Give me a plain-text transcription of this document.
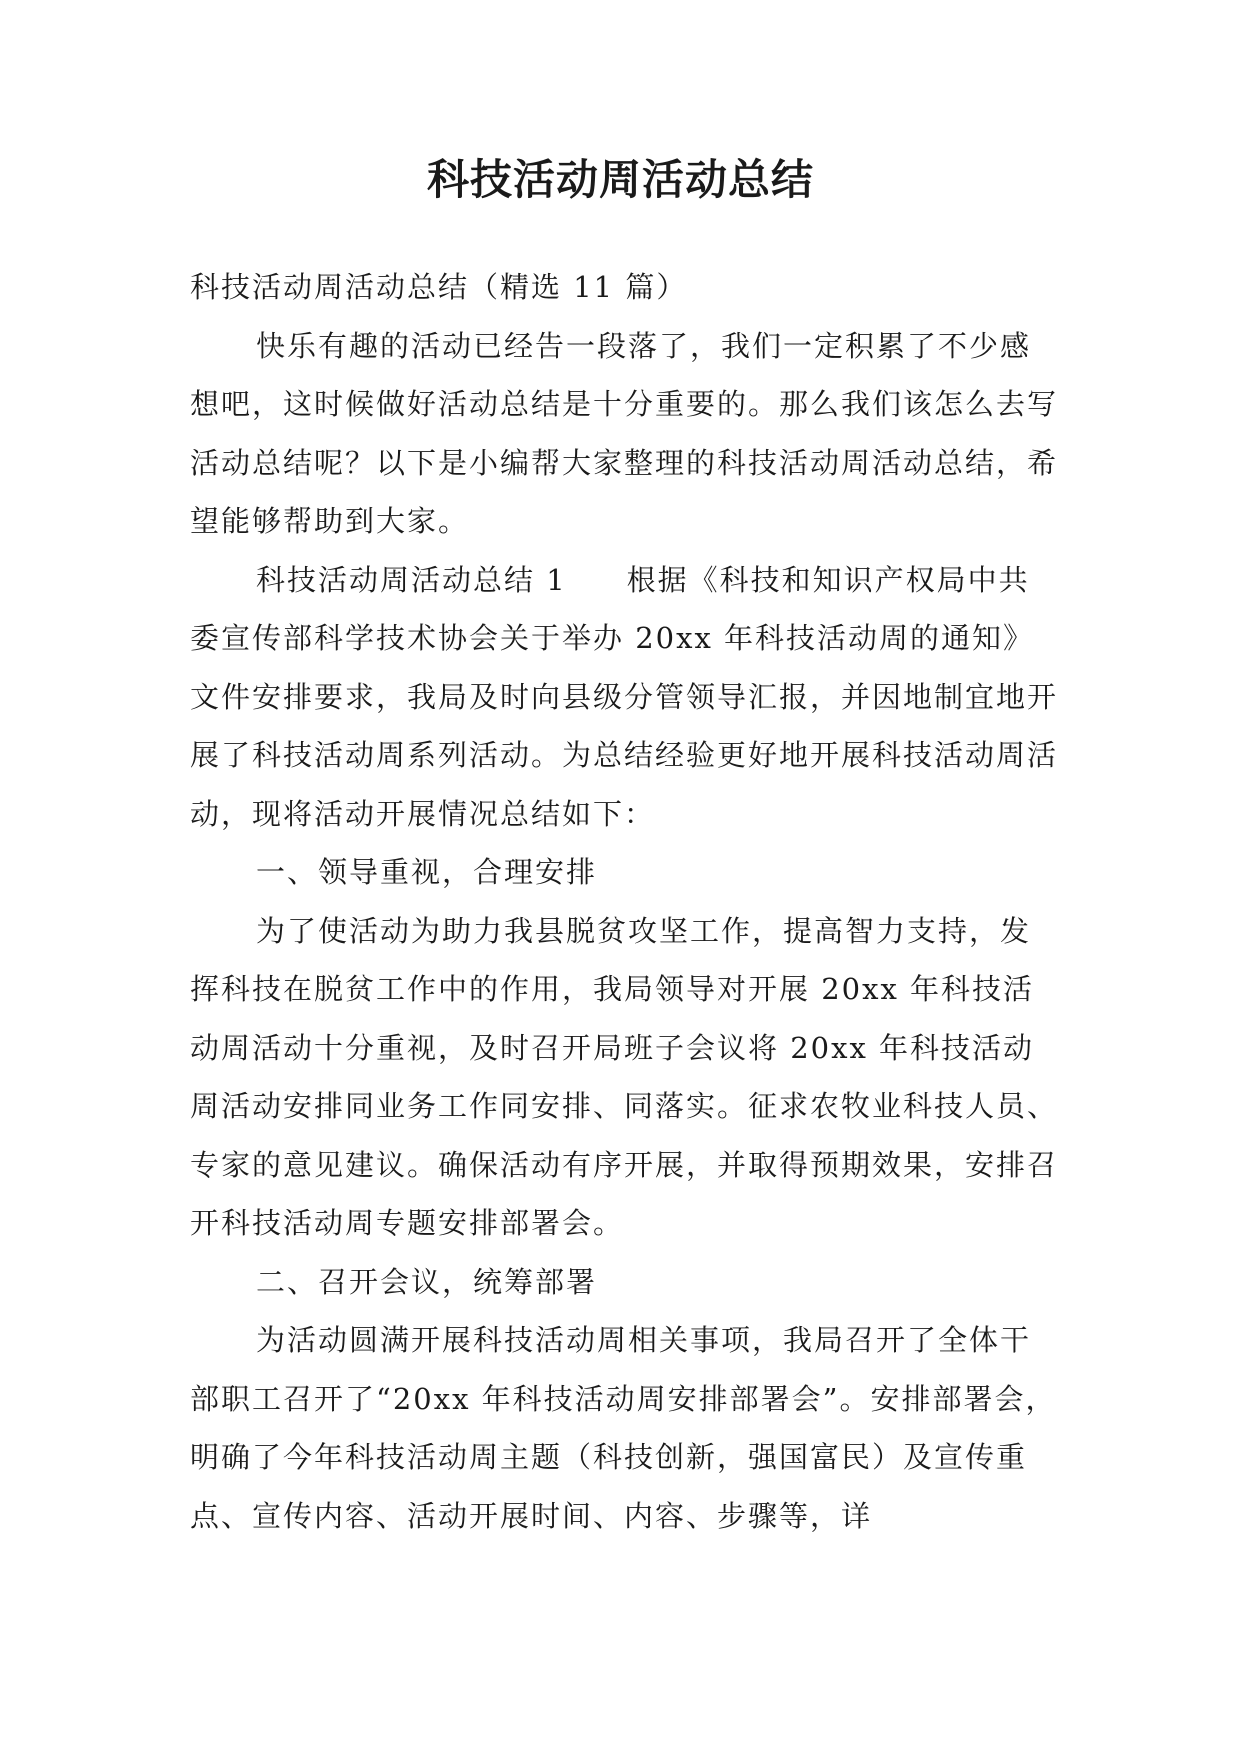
科技活动周活动总结

科技活动周活动总结（精选 11 篇）

快乐有趣的活动已经告一段落了，我们一定积累了不少感想吧，这时候做好活动总结是十分重要的。那么我们该怎么去写活动总结呢？以下是小编帮大家整理的科技活动周活动总结，希望能够帮助到大家。

科技活动周活动总结 1 根据《科技和知识产权局中共委宣传部科学技术协会关于举办 20xx 年科技活动周的通知》文件安排要求，我局及时向县级分管领导汇报，并因地制宜地开展了科技活动周系列活动。为总结经验更好地开展科技活动周活动，现将活动开展情况总结如下：

一、领导重视，合理安排

为了使活动为助力我县脱贫攻坚工作，提高智力支持，发挥科技在脱贫工作中的作用，我局领导对开展 20xx 年科技活动周活动十分重视，及时召开局班子会议将 20xx 年科技活动周活动安排同业务工作同安排、同落实。征求农牧业科技人员、专家的意见建议。确保活动有序开展，并取得预期效果，安排召开科技活动周专题安排部署会。

二、召开会议，统筹部署

为活动圆满开展科技活动周相关事项，我局召开了全体干部职工召开了“20xx 年科技活动周安排部署会”。安排部署会，明确了今年科技活动周主题（科技创新，强国富民）及宣传重点、宣传内容、活动开展时间、内容、步骤等，详
